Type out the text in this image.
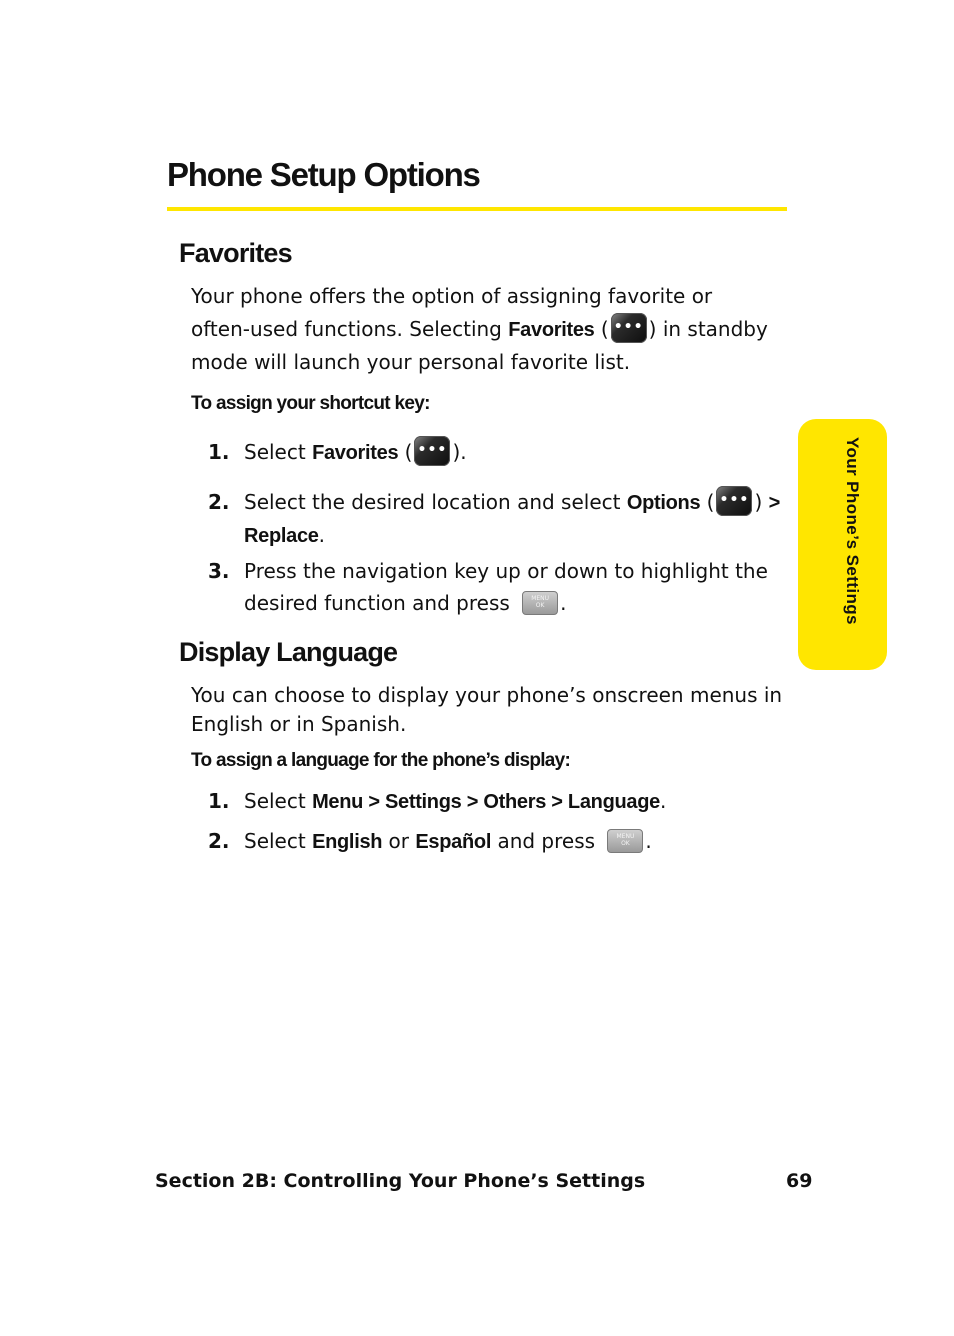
Phone Setup Options
Favorites

Your phone offers the option of assigning favorite or
often-used functions. Selecting Favorites ( ••• ) in standby
mode will launch your personal favorite list.

To assign your shortcut key:

1. Select Favorites ( ••• ).
2. Select the desired location and select Options ( ••• ) >
Replace.
3. Press the navigation key up or down to highlight the
desired function and press	MENU
OK .
Display Language

You can choose to display your phone’s onscreen menus in
English or in Spanish.

To assign a language for the phone’s display:

1. Select Menu > Settings > Others > Language.
2. Select English or Español and press	MENU
OK .
Your Phone’s Settings

Section 2B: Controlling Your Phone’s Settings	69
